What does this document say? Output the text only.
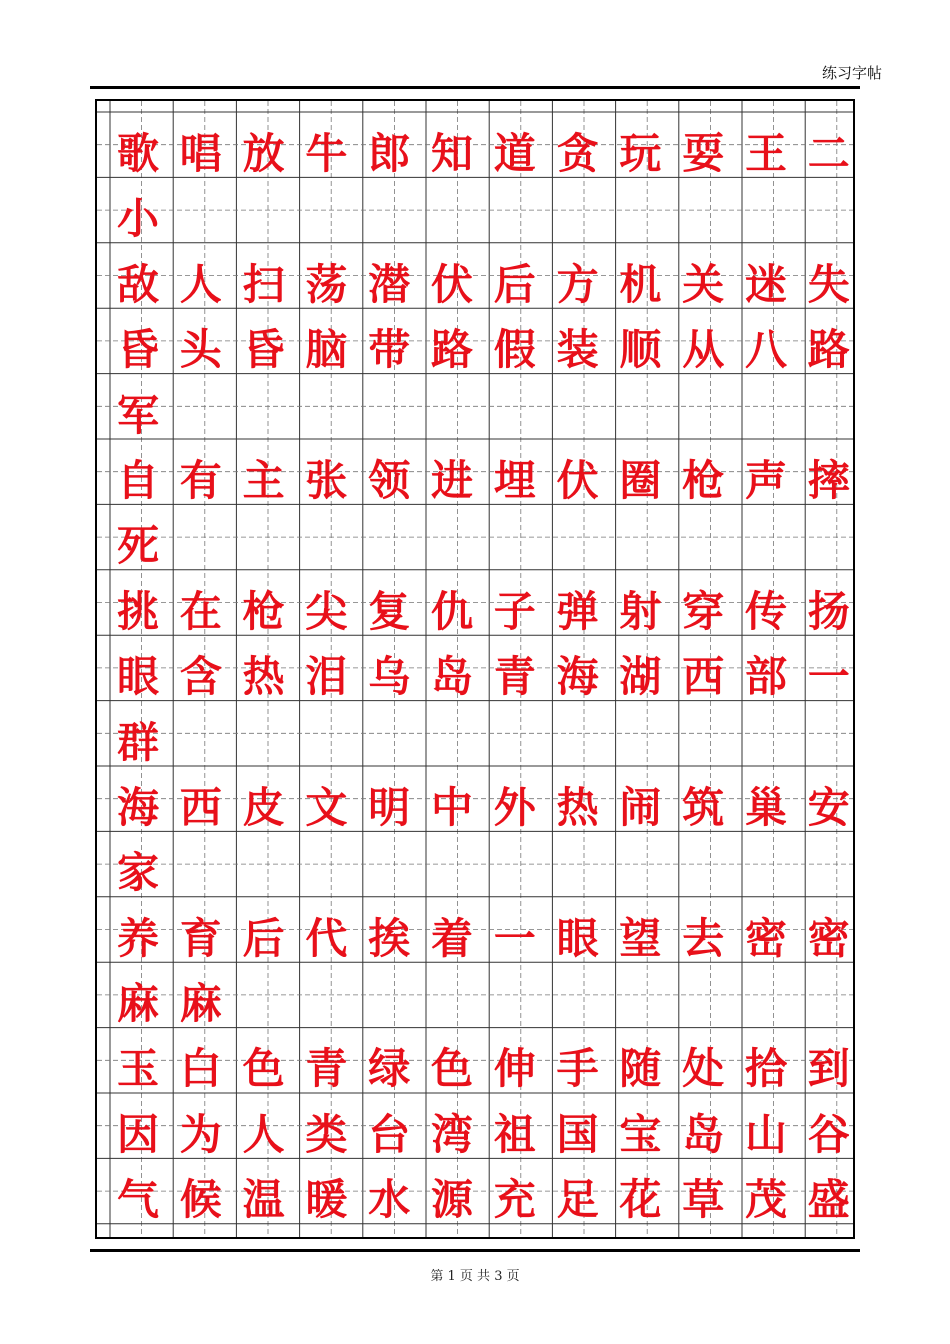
练习字帖
歌唱放牛郎知道贪玩耍王二
小
敌人扫荡潜伏后方机关迷失
昏头昏脑带路假装顺从八路
军
自有主张领进埋伏圈枪声摔
死
挑在枪尖复仇子弹射穿传扬
眼含热泪乌岛青海湖西部一
群
海西皮文明中外热闹筑巢安
家
养育后代挨着一眼望去密密
麻麻
玉白色青绿色伸手随处拾到
因为人类台湾祖国宝岛山谷
气候温暖水源充足花草茂盛
第 1 页 共 3 页
